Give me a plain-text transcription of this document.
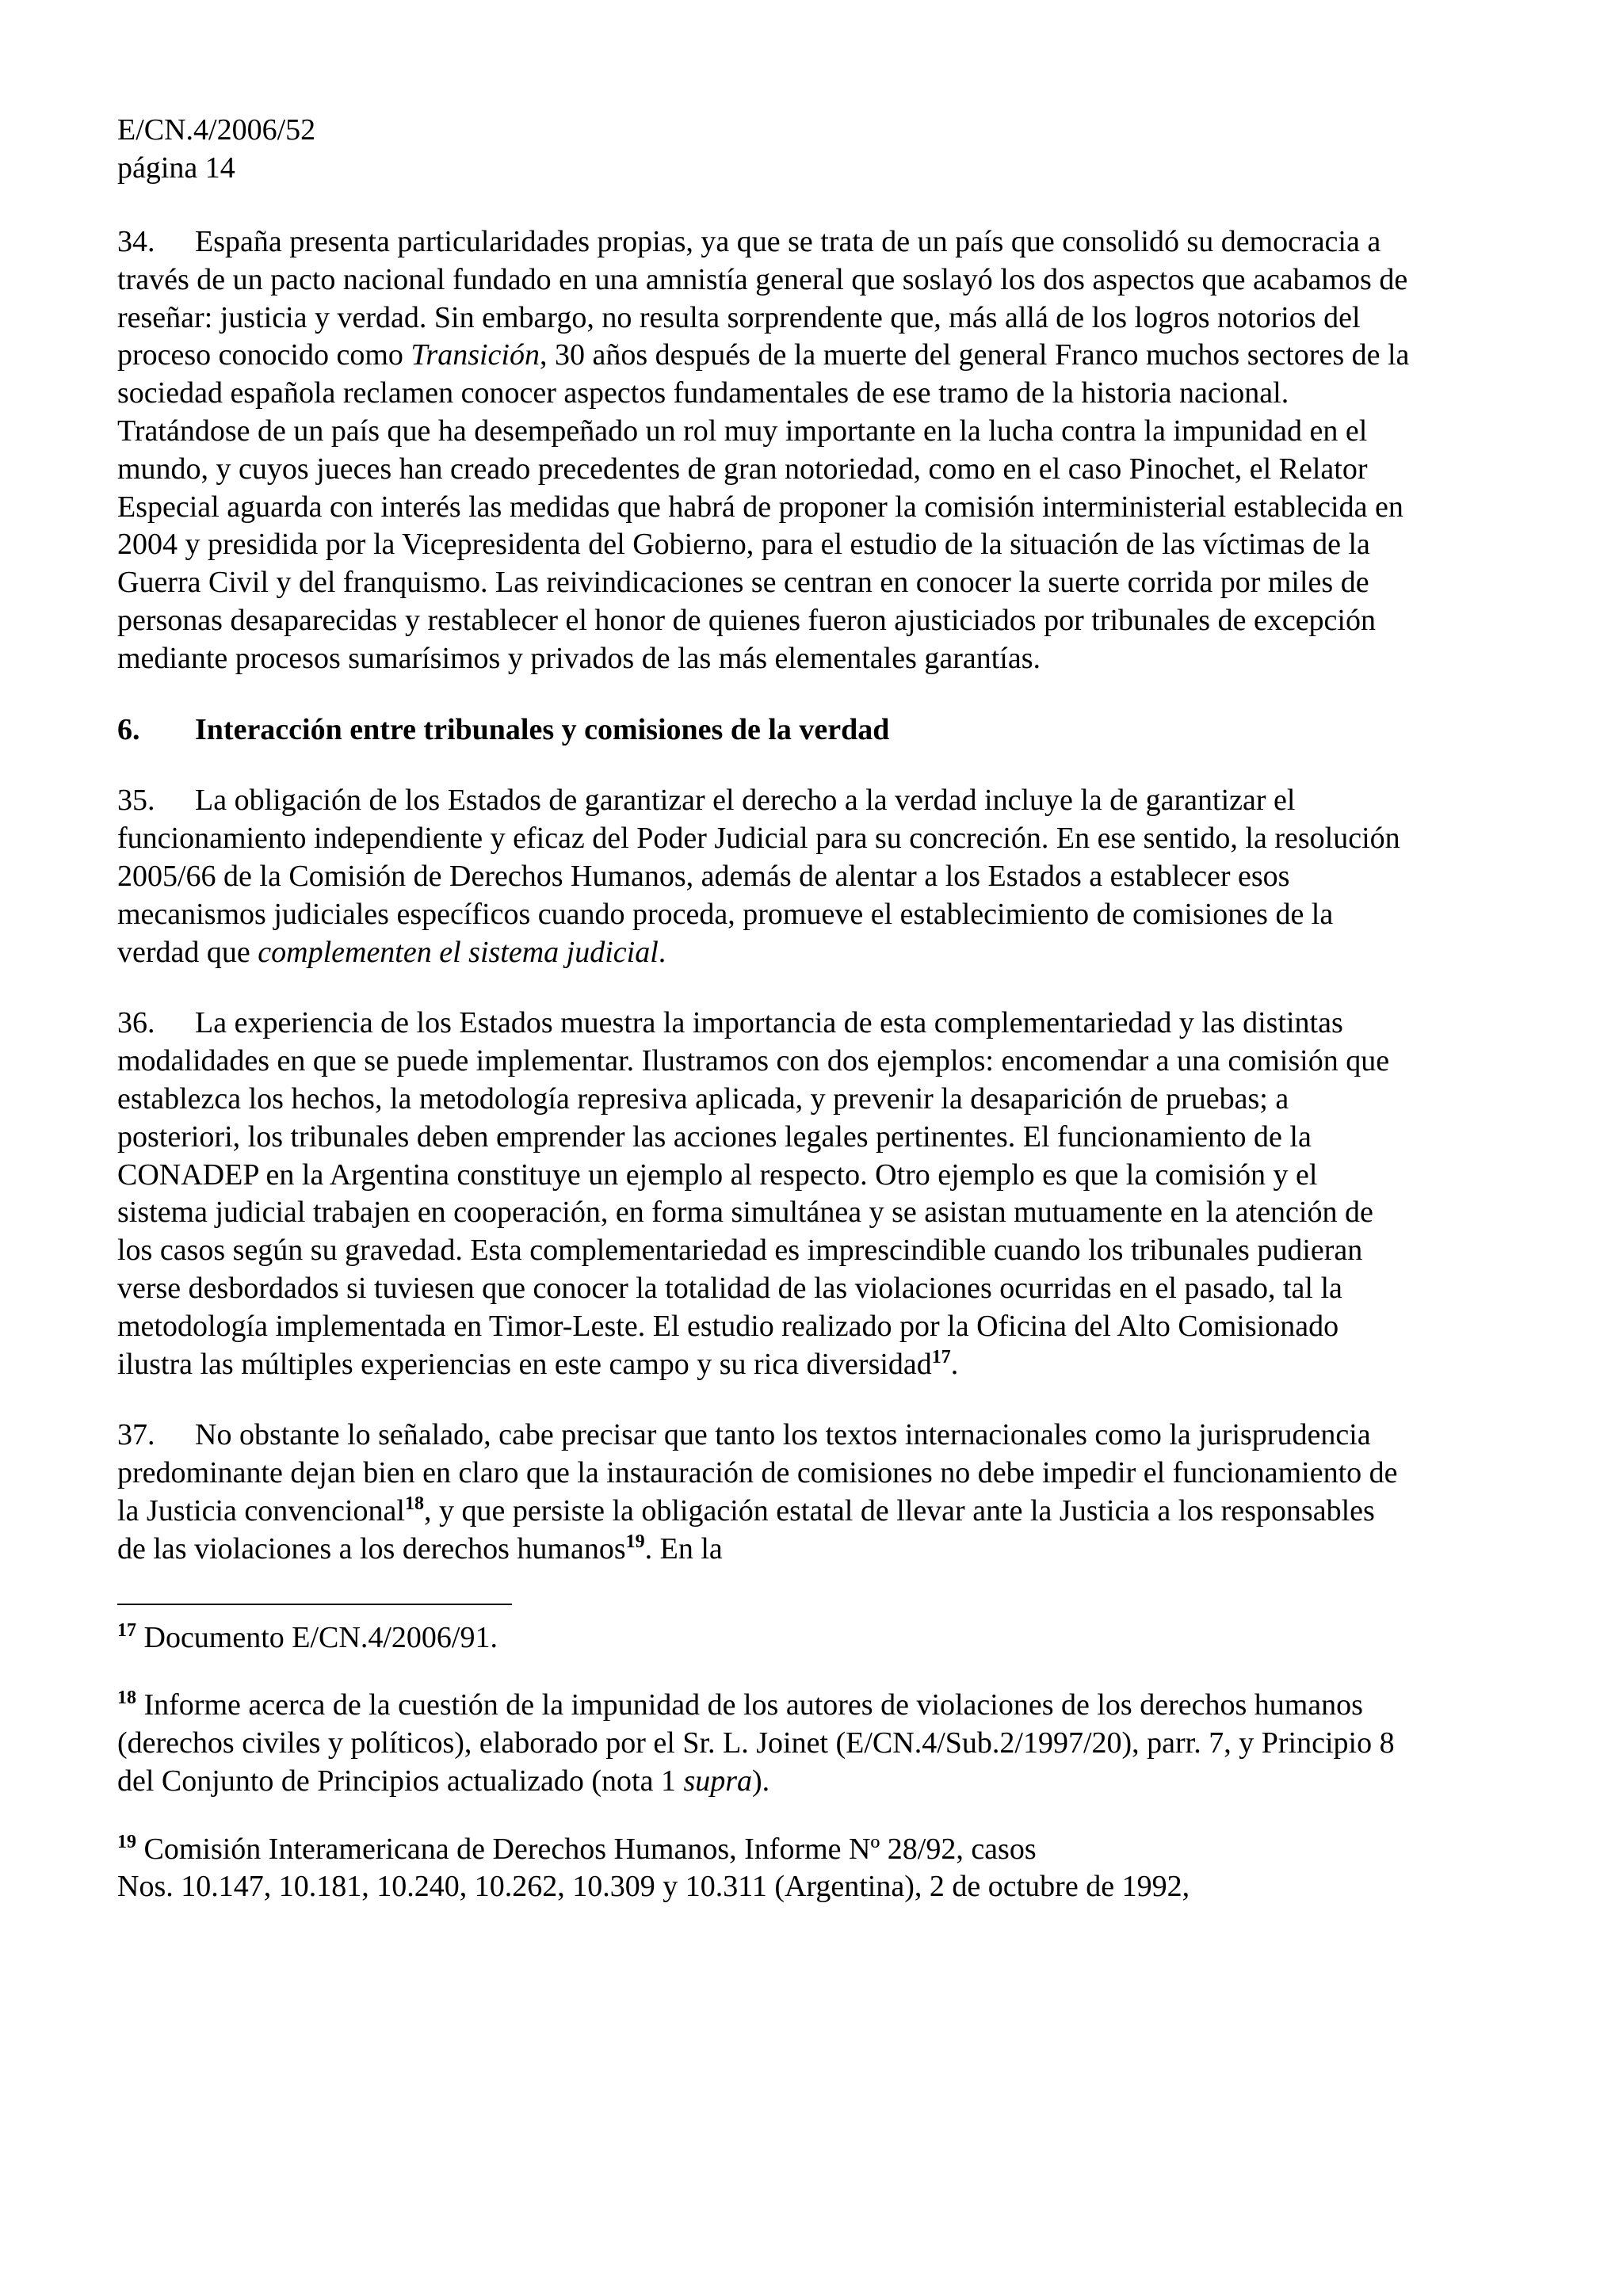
E/CN.4/2006/52
página 14

34. España presenta particularidades propias, ya que se trata de un país que consolidó su democracia a través de un pacto nacional fundado en una amnistía general que soslayó los dos aspectos que acabamos de reseñar: justicia y verdad. Sin embargo, no resulta sorprendente que, más allá de los logros notorios del proceso conocido como Transición, 30 años después de la muerte del general Franco muchos sectores de la sociedad española reclamen conocer aspectos fundamentales de ese tramo de la historia nacional. Tratándose de un país que ha desempeñado un rol muy importante en la lucha contra la impunidad en el mundo, y cuyos jueces han creado precedentes de gran notoriedad, como en el caso Pinochet, el Relator Especial aguarda con interés las medidas que habrá de proponer la comisión interministerial establecida en 2004 y presidida por la Vicepresidenta del Gobierno, para el estudio de la situación de las víctimas de la Guerra Civil y del franquismo. Las reivindicaciones se centran en conocer la suerte corrida por miles de personas desaparecidas y restablecer el honor de quienes fueron ajusticiados por tribunales de excepción mediante procesos sumarísimos y privados de las más elementales garantías.

6. Interacción entre tribunales y comisiones de la verdad

35. La obligación de los Estados de garantizar el derecho a la verdad incluye la de garantizar el funcionamiento independiente y eficaz del Poder Judicial para su concreción. En ese sentido, la resolución 2005/66 de la Comisión de Derechos Humanos, además de alentar a los Estados a establecer esos mecanismos judiciales específicos cuando proceda, promueve el establecimiento de comisiones de la verdad que complementen el sistema judicial.

36. La experiencia de los Estados muestra la importancia de esta complementariedad y las distintas modalidades en que se puede implementar. Ilustramos con dos ejemplos: encomendar a una comisión que establezca los hechos, la metodología represiva aplicada, y prevenir la desaparición de pruebas; a posteriori, los tribunales deben emprender las acciones legales pertinentes. El funcionamiento de la CONADEP en la Argentina constituye un ejemplo al respecto. Otro ejemplo es que la comisión y el sistema judicial trabajen en cooperación, en forma simultánea y se asistan mutuamente en la atención de los casos según su gravedad. Esta complementariedad es imprescindible cuando los tribunales pudieran verse desbordados si tuviesen que conocer la totalidad de las violaciones ocurridas en el pasado, tal la metodología implementada en Timor-Leste. El estudio realizado por la Oficina del Alto Comisionado ilustra las múltiples experiencias en este campo y su rica diversidad$^{17}$.

37. No obstante lo señalado, cabe precisar que tanto los textos internacionales como la jurisprudencia predominante dejan bien en claro que la instauración de comisiones no debe impedir el funcionamiento de la Justicia convencional$^{18}$, y que persiste la obligación estatal de llevar ante la Justicia a los responsables de las violaciones a los derechos humanos$^{19}$. En la

$^{17}$ Documento E/CN.4/2006/91.

$^{18}$ Informe acerca de la cuestión de la impunidad de los autores de violaciones de los derechos humanos (derechos civiles y políticos), elaborado por el Sr. L. Joinet (E/CN.4/Sub.2/1997/20), parr. 7, y Principio 8 del Conjunto de Principios actualizado (nota 1 supra).

$^{19}$ Comisión Interamericana de Derechos Humanos, Informe Nº 28/92, casos
Nos. 10.147, 10.181, 10.240, 10.262, 10.309 y 10.311 (Argentina), 2 de octubre de 1992,
